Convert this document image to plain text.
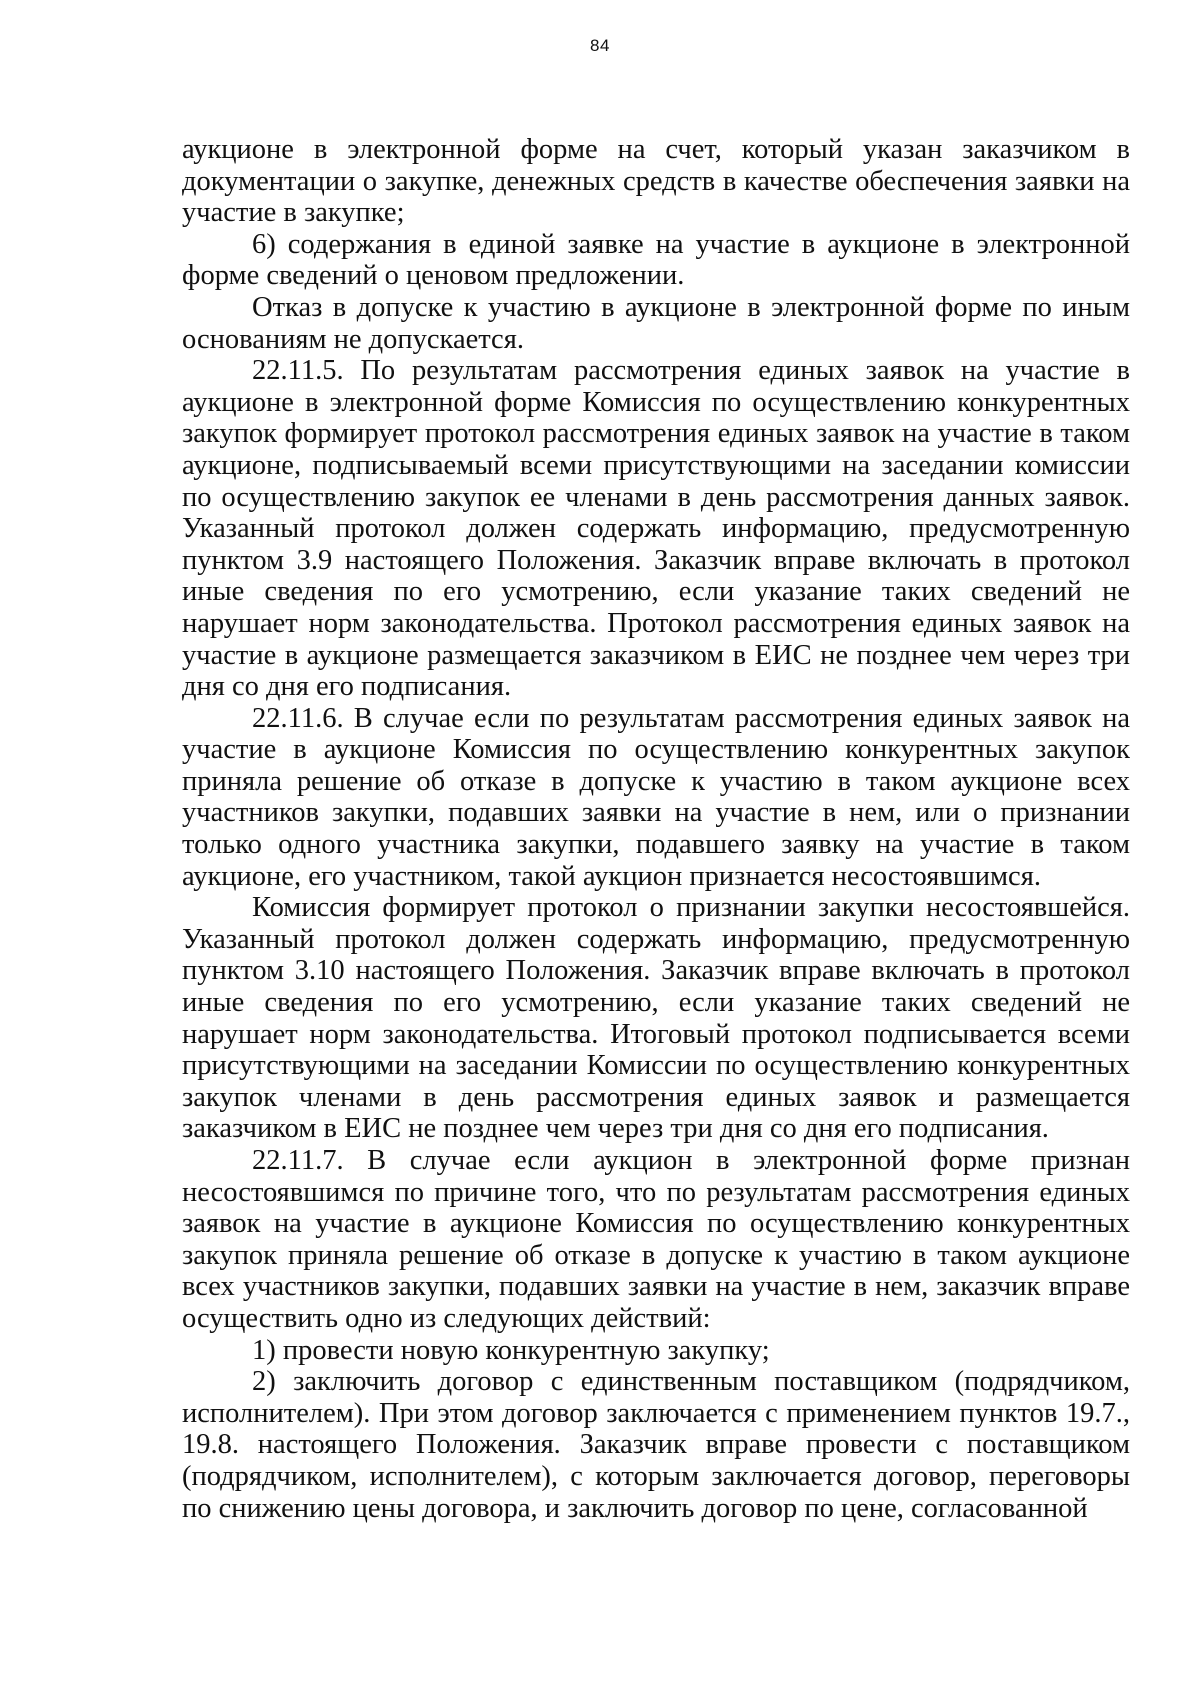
84

аукционе в электронной форме на счет, который указан заказчиком в документации о закупке, денежных средств в качестве обеспечения заявки на участие в закупке;

6) содержания в единой заявке на участие в аукционе в электронной форме сведений о ценовом предложении.

Отказ в допуске к участию в аукционе в электронной форме по иным основаниям не допускается.

22.11.5. По результатам рассмотрения единых заявок на участие в аукционе в электронной форме Комиссия по осуществлению конкурентных закупок формирует протокол рассмотрения единых заявок на участие в таком аукционе, подписываемый всеми присутствующими на заседании комиссии по осуществлению закупок ее членами в день рассмотрения данных заявок. Указанный протокол должен содержать информацию, предусмотренную пунктом 3.9 настоящего Положения. Заказчик вправе включать в протокол иные сведения по его усмотрению, если указание таких сведений не нарушает норм законодательства. Протокол рассмотрения единых заявок на участие в аукционе размещается заказчиком в ЕИС не позднее чем через три дня со дня его подписания.

22.11.6. В случае если по результатам рассмотрения единых заявок на участие в аукционе Комиссия по осуществлению конкурентных закупок приняла решение об отказе в допуске к участию в таком аукционе всех участников закупки, подавших заявки на участие в нем, или о признании только одного участника закупки, подавшего заявку на участие в таком аукционе, его участником, такой аукцион признается несостоявшимся.

Комиссия формирует протокол о признании закупки несостоявшейся. Указанный протокол должен содержать информацию, предусмотренную пунктом 3.10 настоящего Положения. Заказчик вправе включать в протокол иные сведения по его усмотрению, если указание таких сведений не нарушает норм законодательства. Итоговый протокол подписывается всеми присутствующими на заседании Комиссии по осуществлению конкурентных закупок членами в день рассмотрения единых заявок и размещается заказчиком в ЕИС не позднее чем через три дня со дня его подписания.

22.11.7. В случае если аукцион в электронной форме признан несостоявшимся по причине того, что по результатам рассмотрения единых заявок на участие в аукционе Комиссия по осуществлению конкурентных закупок приняла решение об отказе в допуске к участию в таком аукционе всех участников закупки, подавших заявки на участие в нем, заказчик вправе осуществить одно из следующих действий:

1) провести новую конкурентную закупку;

2) заключить договор с единственным поставщиком (подрядчиком, исполнителем). При этом договор заключается с применением пунктов 19.7., 19.8. настоящего Положения. Заказчик вправе провести с поставщиком (подрядчиком, исполнителем), с которым заключается договор, переговоры по снижению цены договора, и заключить договор по цене, согласованной
